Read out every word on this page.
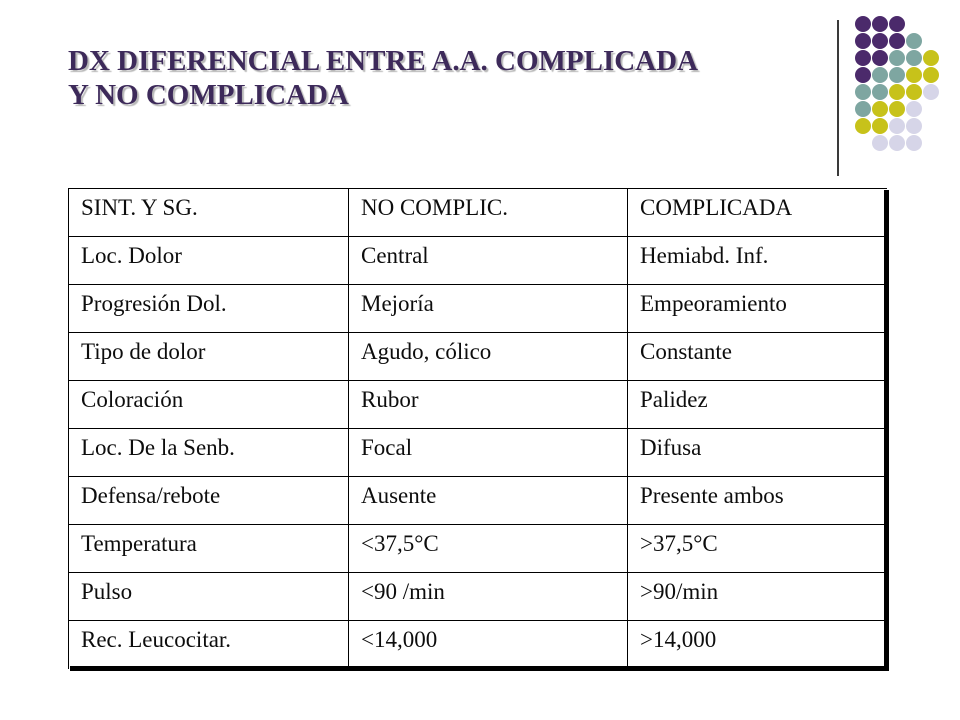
DX DIFERENCIAL ENTRE A.A. COMPLICADA
Y NO COMPLICADA
SINT. Y SG.	NO COMPLIC.	COMPLICADA
Loc. Dolor	Central	Hemiabd. Inf.
Progresión Dol.	Mejoría	Empeoramiento
Tipo de dolor	Agudo, cólico	Constante
Coloración	Rubor	Palidez
Loc. De la Senb.	Focal	Difusa
Defensa/rebote	Ausente	Presente ambos
Temperatura	<37,5°C	>37,5°C
Pulso	<90 /min	>90/min
Rec. Leucocitar.	<14,000	>14,000
